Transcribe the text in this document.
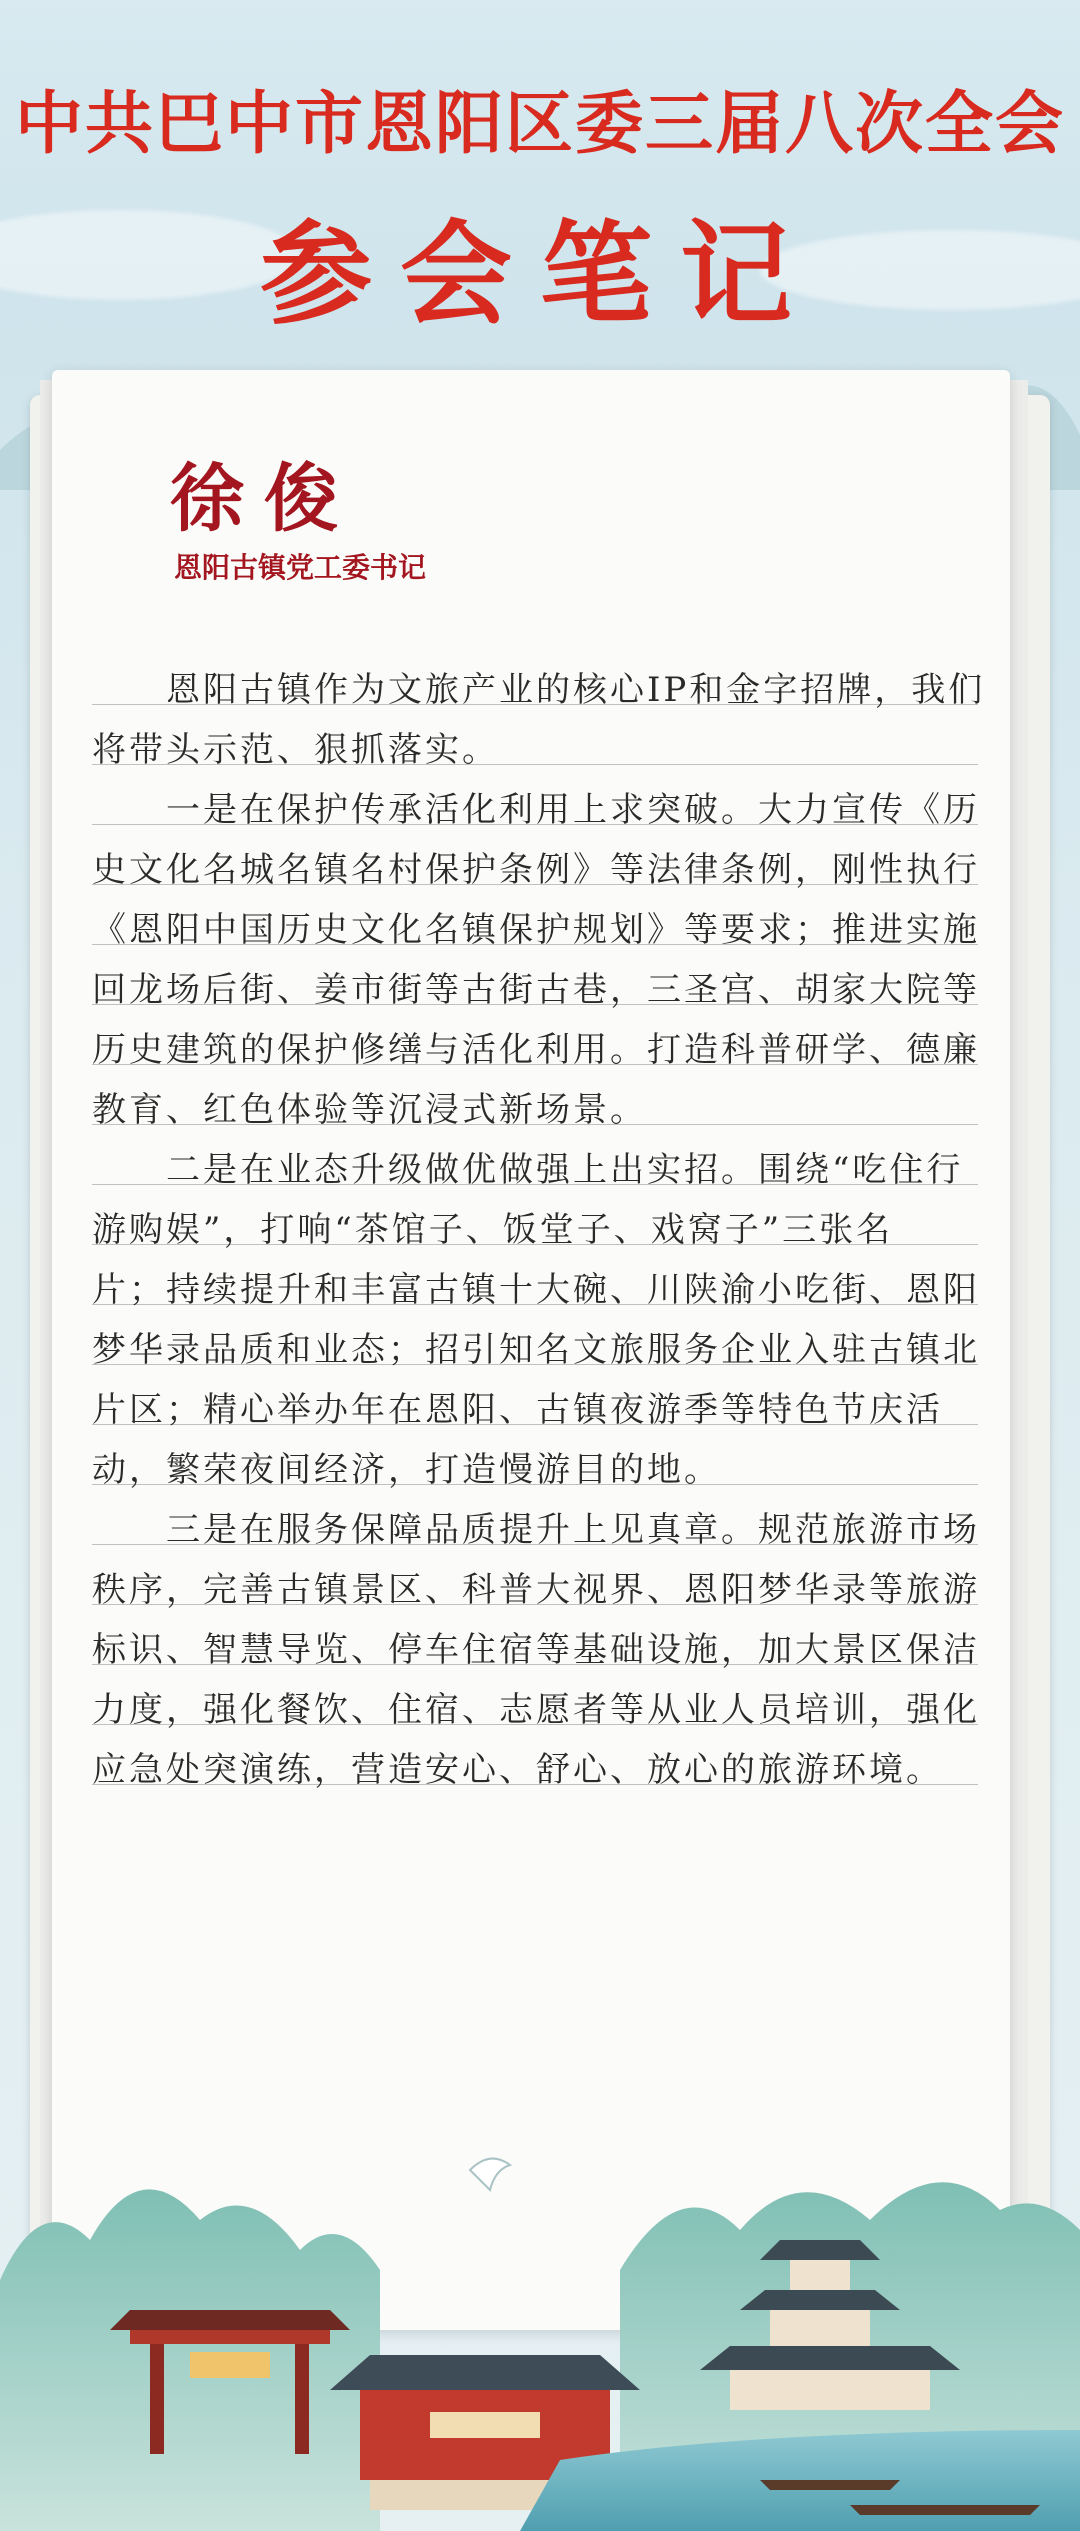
中共巴中市恩阳区委三届八次全会
参会笔记
徐俊
恩阳古镇党工委书记
　　恩阳古镇作为文旅产业的核心IP和金字招牌，我们
将带头示范、狠抓落实。
　　一是在保护传承活化利用上求突破。大力宣传《历
史文化名城名镇名村保护条例》等法律条例，刚性执行
《恩阳中国历史文化名镇保护规划》等要求；推进实施
回龙场后街、姜市街等古街古巷，三圣宫、胡家大院等
历史建筑的保护修缮与活化利用。打造科普研学、德廉
教育、红色体验等沉浸式新场景。
　　二是在业态升级做优做强上出实招。围绕“吃住行
游购娱”，打响“茶馆子、饭堂子、戏窝子”三张名
片；持续提升和丰富古镇十大碗、川陕渝小吃街、恩阳
梦华录品质和业态；招引知名文旅服务企业入驻古镇北
片区；精心举办年在恩阳、古镇夜游季等特色节庆活
动，繁荣夜间经济，打造慢游目的地。
　　三是在服务保障品质提升上见真章。规范旅游市场
秩序，完善古镇景区、科普大视界、恩阳梦华录等旅游
标识、智慧导览、停车住宿等基础设施，加大景区保洁
力度，强化餐饮、住宿、志愿者等从业人员培训，强化
应急处突演练，营造安心、舒心、放心的旅游环境。
